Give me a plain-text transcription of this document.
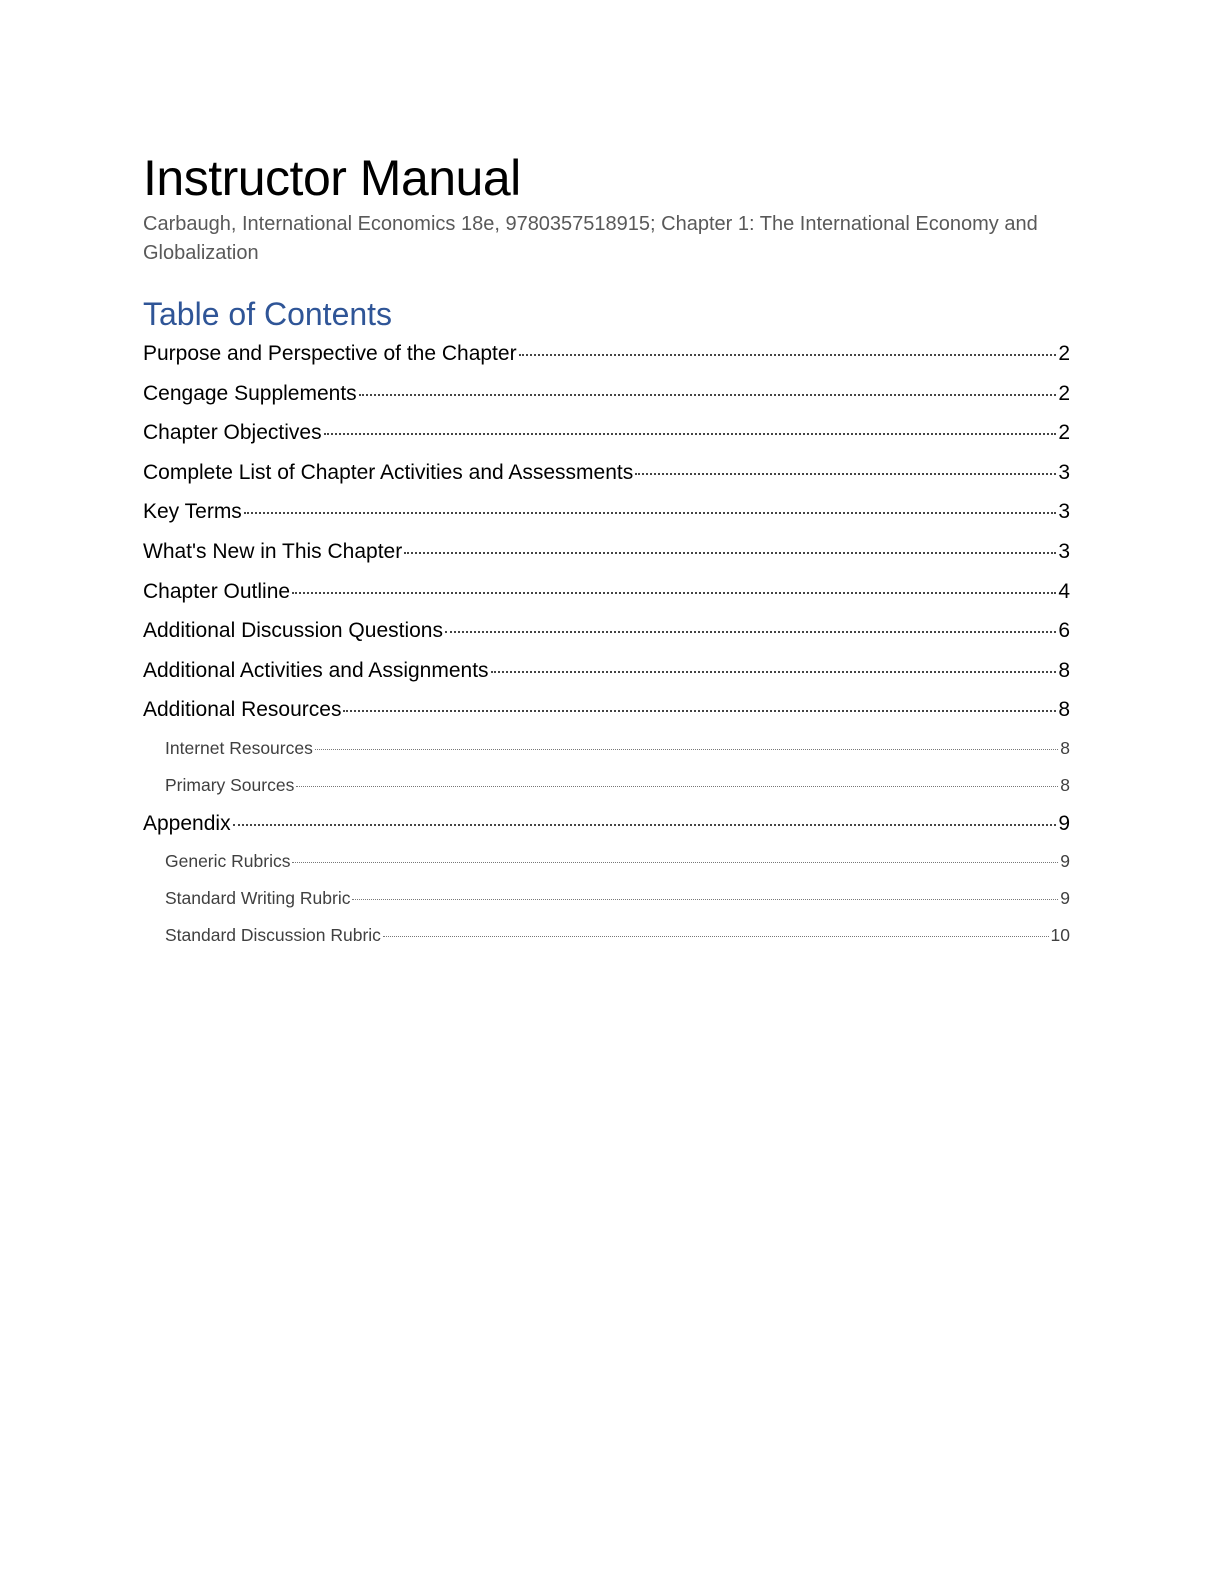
Instructor Manual

Carbaugh, International Economics 18e, 9780357518915; Chapter 1: The International Economy and Globalization

Table of Contents
Purpose and Perspective of the Chapter	2
Cengage Supplements	2
Chapter Objectives	2
Complete List of Chapter Activities and Assessments	3
Key Terms	3
What's New in This Chapter	3
Chapter Outline	4
Additional Discussion Questions	6
Additional Activities and Assignments	8
Additional Resources	8
Internet Resources	8
Primary Sources	8
Appendix	9
Generic Rubrics	9
Standard Writing Rubric	9
Standard Discussion Rubric	10
